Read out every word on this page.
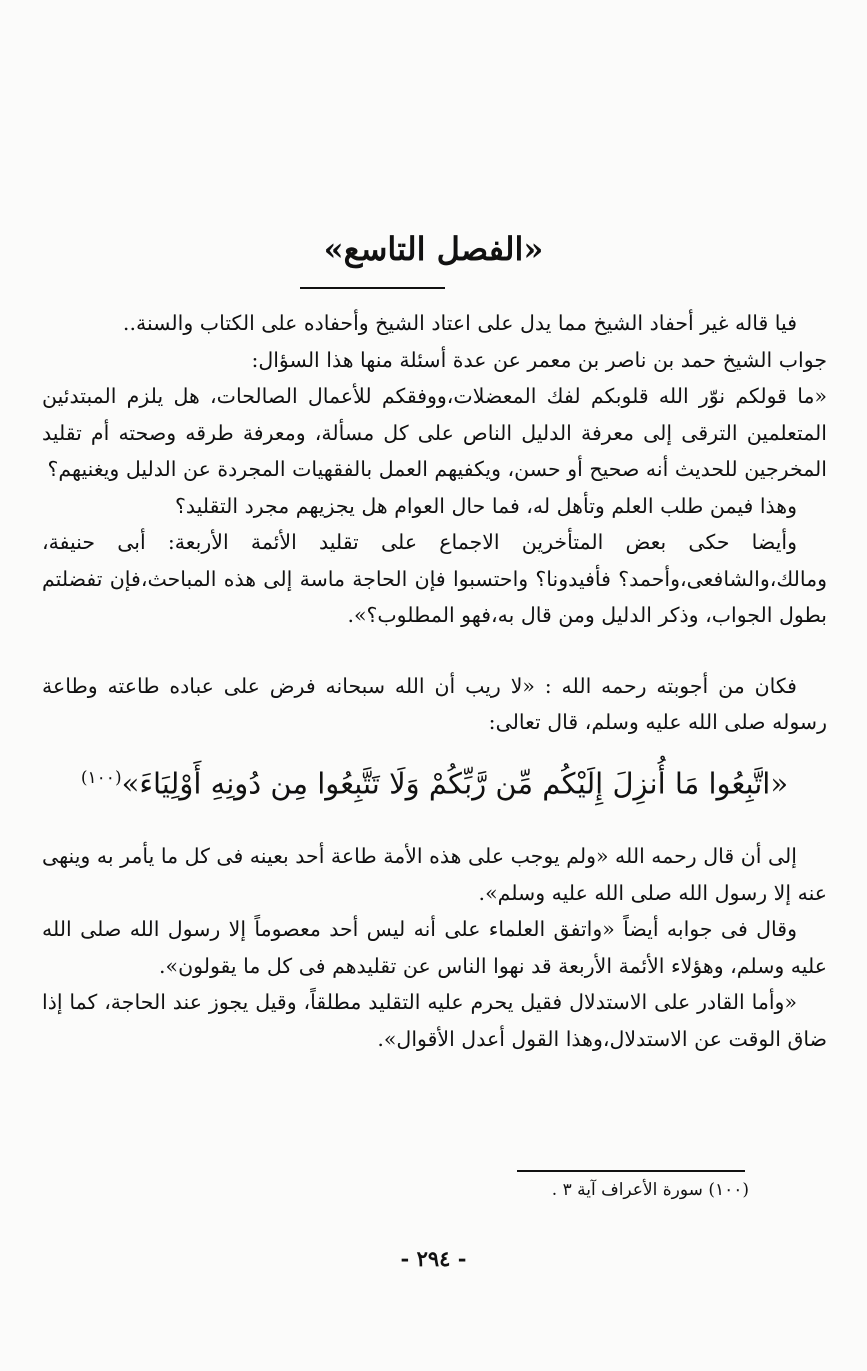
«الفصل التاسع»

فيا قاله غير أحفاد الشيخ مما يدل على اعتاد الشيخ وأحفاده على الكتاب والسنة..

جواب الشيخ حمد بن ناصر بن معمر عن عدة أسئلة منها هذا السؤال:

«ما قولكم نوّر الله قلوبكم لفك المعضلات،ووفقكم للأعمال الصالحات، هل يلزم المبتدئين المتعلمين الترقى إلى معرفة الدليل الناص على كل مسألة، ومعرفة طرقه وصحته أم تقليد المخرجين للحديث أنه صحيح أو حسن، ويكفيهم العمل بالفقهيات المجردة عن الدليل ويغنيهم؟

وهذا فيمن طلب العلم وتأهل له، فما حال العوام هل يجزيهم مجرد التقليد؟

وأيضا حكى بعض المتأخرين الاجماع على تقليد الأئمة الأربعة: أبى حنيفة، ومالك،والشافعى،وأحمد؟ فأفيدونا؟ واحتسبوا فإن الحاجة ماسة إلى هذه المباحث،فإن تفضلتم بطول الجواب، وذكر الدليل ومن قال به،فهو المطلوب؟».

فكان من أجوبته رحمه الله : «لا ريب أن الله سبحانه فرض على عباده طاعته وطاعة رسوله صلى الله عليه وسلم، قال تعالى:

«اتَّبِعُوا مَا أُنزِلَ إِلَيْكُم مِّن رَّبِّكُمْ وَلَا تَتَّبِعُوا مِن دُونِهِ أَوْلِيَاءَ»$^{(١٠٠)}$

إلى أن قال رحمه الله «ولم يوجب على هذه الأمة طاعة أحد بعينه فى كل ما يأمر به وينهى عنه إلا رسول الله صلى الله عليه وسلم».

وقال فى جوابه أيضاً «واتفق العلماء على أنه ليس أحد معصوماً إلا رسول الله صلى الله عليه وسلم، وهؤلاء الأئمة الأربعة قد نهوا الناس عن تقليدهم فى كل ما يقولون».

«وأما القادر على الاستدلال فقيل يحرم عليه التقليد مطلقاً، وقيل يجوز عند الحاجة، كما إذا ضاق الوقت عن الاستدلال،وهذا القول أعدل الأقوال».

(١٠٠) سورة الأعراف آية ٣ .
- ٢٩٤ -
